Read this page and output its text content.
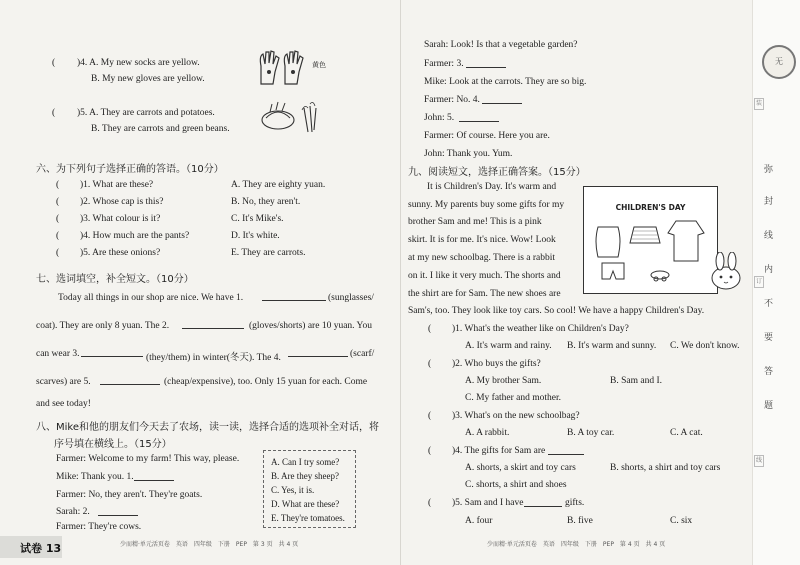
( )4. A. My new socks are yellow.
B. My new gloves are yellow.
黄色
( )5. A. They are carrots and potatoes.
B. They are carrots and green beans.
六、为下列句子选择正确的答语。（10分）
( )1. What are these?
( )2. Whose cap is this?
( )3. What colour is it?
( )4. How much are the pants?
( )5. Are these onions?
A. They are eighty yuan.
B. No, they aren't.
C. It's Mike's.
D. It's white.
E. They are carrots.
七、选词填空，补全短文。（10分）
Today all things in our shop are nice. We have 1.	(sunglasses/
coat). They are only 8 yuan. The 2.	(gloves/shorts) are 10 yuan. You
can wear 3.	(they/them) in winter(冬天). The 4.	(scarf/
scarves) are 5.	(cheap/expensive), too. Only 15 yuan for each. Come
and see today!
八、Mike和他的朋友们今天去了农场，读一读，选择合适的选项补全对话，将
序号填在横线上。（15分）
Farmer: Welcome to my farm! This way, please.
Mike: Thank you. 1.
Farmer: No, they aren't. They're goats.
Sarah: 2.
Farmer: They're cows.
A. Can I try some?
B. Are they sheep?
C. Yes, it is.
D. What are these?
E. They're tomatoes.
试卷 13	少而精·单元活页卷　英语　四年级　下册　PEP　第 3 页　共 4 页
Sarah: Look! Is that a vegetable garden?
Farmer: 3.
Mike: Look at the carrots. They are so big.
Farmer: No. 4.
John: 5.
Farmer: Of course. Here you are.
John: Thank you. Yum.
九、阅读短文，选择正确答案。（15分）
It is Children's Day. It's warm and
sunny. My parents buy some gifts for my
brother Sam and me! This is a pink
skirt. It is for me. It's nice. Wow! Look
at my new schoolbag. There is a rabbit
on it. I like it very much. The shorts and
the shirt are for Sam. The new shoes are
Sam's, too. They look like toy cars. So cool! We have a happy Children's Day.
CHILDREN'S DAY
( )1. What's the weather like on Children's Day?
A. It's warm and rainy. B. It's warm and sunny. C. We don't know.
( )2. Who buys the gifts?
A. My brother Sam.	B. Sam and I.
C. My father and mother.
( )3. What's on the new schoolbag?
A. A rabbit.	B. A toy car.	C. A cat.
( )4. The gifts for Sam are
A. shorts, a skirt and toy cars	B. shorts, a shirt and toy cars
C. shorts, a shirt and shoes
( )5. Sam and I have	gifts.
A. four	B. five	C. six
少而精·单元活页卷　英语　四年级　下册　PEP　第 4 页　共 4 页
无
装
订
线
弥
封
线
内
不
要
答
题
